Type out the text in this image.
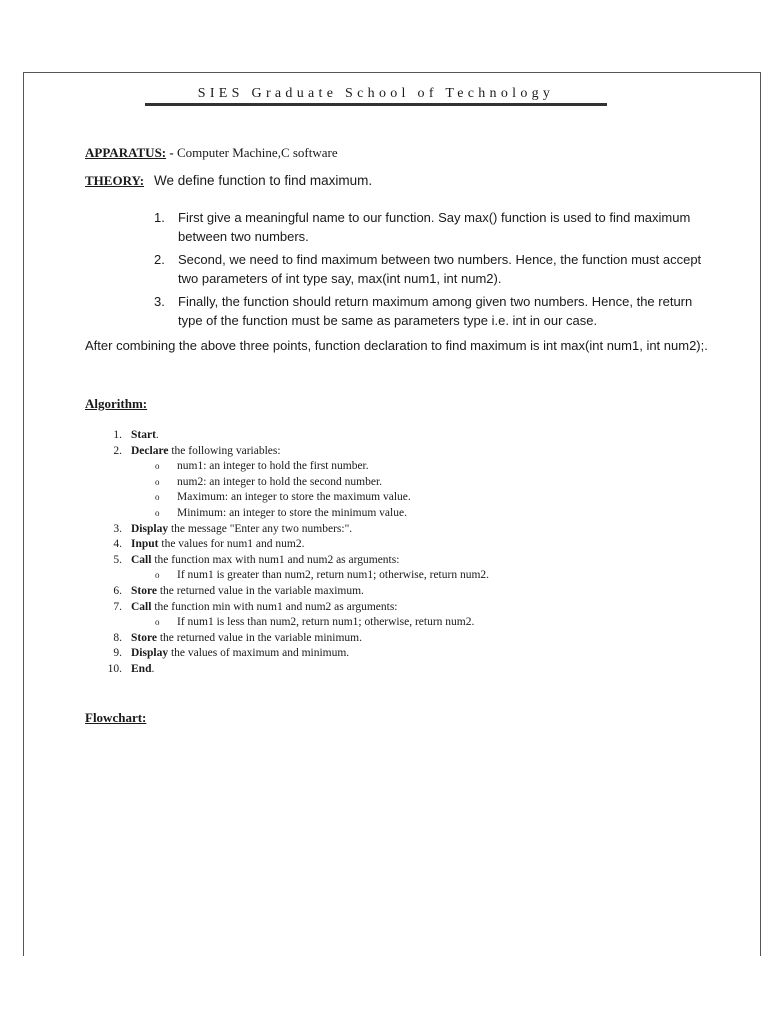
SIES Graduate School of Technology
APPARATUS: - Computer Machine,C software
THEORY: We define function to find maximum.
1. First give a meaningful name to our function. Say max() function is used to find maximum between two numbers.
2. Second, we need to find maximum between two numbers. Hence, the function must accept two parameters of int type say, max(int num1, int num2).
3. Finally, the function should return maximum among given two numbers. Hence, the return type of the function must be same as parameters type i.e. int in our case.

After combining the above three points, function declaration to find maximum is int max(int num1, int num2);.

Algorithm:
1. Start.
2. Declare the following variables:
o num1: an integer to hold the first number.
o num2: an integer to hold the second number.
o Maximum: an integer to store the maximum value.
o Minimum: an integer to store the minimum value.
3. Display the message "Enter any two numbers:".
4. Input the values for num1 and num2.
5. Call the function max with num1 and num2 as arguments:
o If num1 is greater than num2, return num1; otherwise, return num2.
6. Store the returned value in the variable maximum.
7. Call the function min with num1 and num2 as arguments:
o If num1 is less than num2, return num1; otherwise, return num2.
8. Store the returned value in the variable minimum.
9. Display the values of maximum and minimum.
10. End.
Flowchart:
